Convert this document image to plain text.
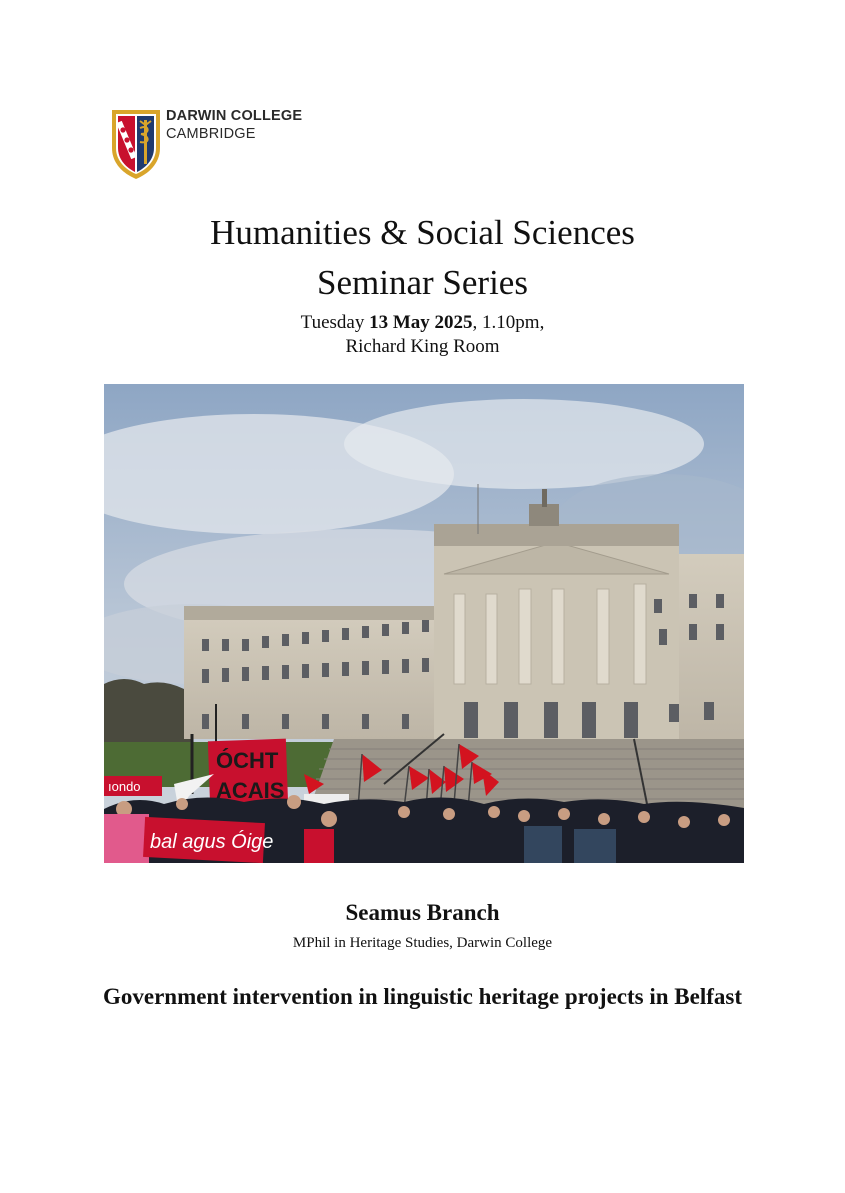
DARWIN COLLEGE
CAMBRIDGE
Humanities & Social Sciences
Seminar Series
Tuesday 13 May 2025, 1.10pm,
Richard King Room
ÓCHT
ACAIS
ıondo
bal agus Óige
Seamus Branch
MPhil in Heritage Studies, Darwin College
Government intervention in linguistic heritage projects in Belfast
